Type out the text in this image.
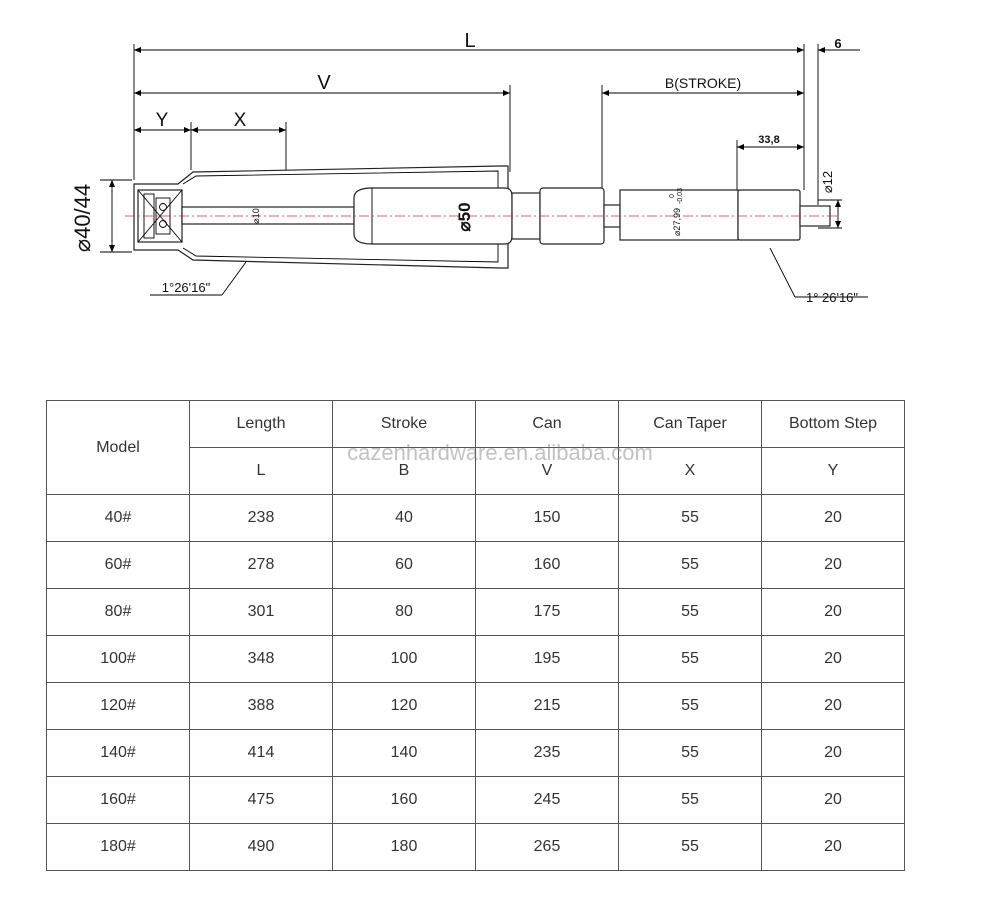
L	6
V	B(STROKE)
Y	X
33,8
⌀12
⌀40/44	⌀10	⌀50	⌀27,99
0 -0.03
1°26'16"
1° 26'16"
Model	Length	Stroke	Can	Can Taper	Bottom Step
	L	B	V	X	Y
40#	238	40	150	55	20
60#	278	60	160	55	20
80#	301	80	175	55	20
100#	348	100	195	55	20
120#	388	120	215	55	20
140#	414	140	235	55	20
160#	475	160	245	55	20
180#	490	180	265	55	20
cazenhardware.en.alibaba.com
